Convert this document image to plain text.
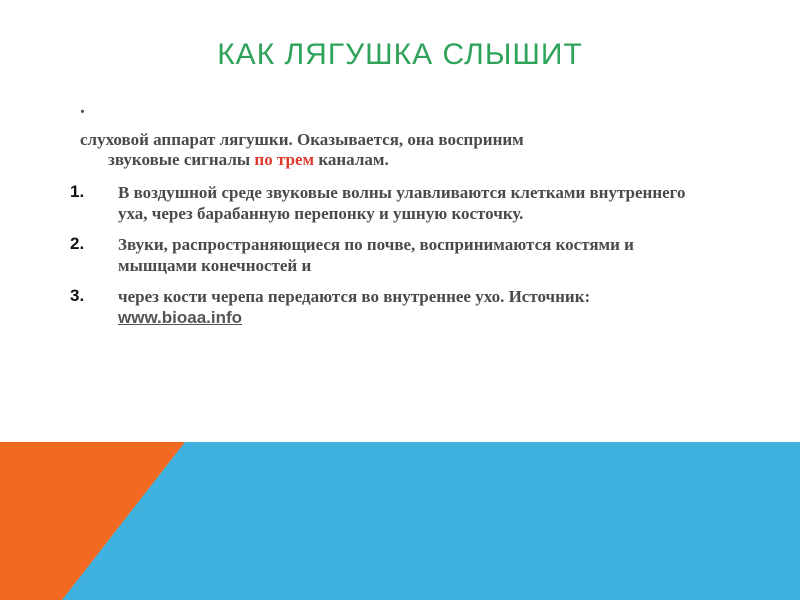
КАК ЛЯГУШКА СЛЫШИТ
.
слуховой аппарат лягушки. Оказывается, она восприним
звуковые сигналы по трем каналам.
1. В воздушной среде звуковые волны улавливаются клетками внутреннего уха, через барабанную перепонку и ушную косточку.
2. Звуки, распространяющиеся по почве, воспринимаются костями и мышцами конечностей и
3. через кости черепа передаются во внутреннее ухо. Источник: www.bioaa.info
